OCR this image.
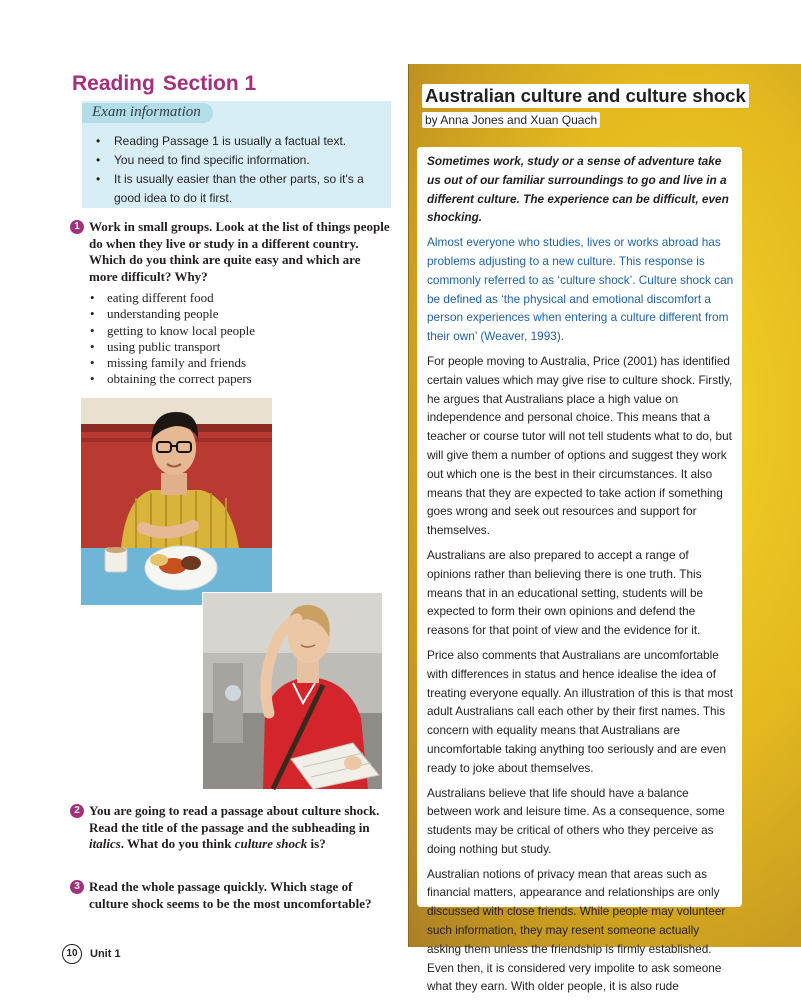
Reading Section 1
Exam information
• Reading Passage 1 is usually a factual text.
• You need to find specific information.
• It is usually easier than the other parts, so it's a good idea to do it first.
1 Work in small groups. Look at the list of things people do when they live or study in a different country. Which do you think are quite easy and which are more difficult? Why?
• eating different food
• understanding people
• getting to know local people
• using public transport
• missing family and friends
• obtaining the correct papers
2 You are going to read a passage about culture shock. Read the title of the passage and the subheading in italics. What do you think culture shock is?
3 Read the whole passage quickly. Which stage of culture shock seems to be the most uncomfortable?
10	Unit 1
Australian culture and culture shock
by Anna Jones and Xuan Quach

Sometimes work, study or a sense of adventure take us out of our familiar surroundings to go and live in a different culture. The experience can be difficult, even shocking.

Almost everyone who studies, lives or works abroad has problems adjusting to a new culture. This response is commonly referred to as ‘culture shock’. Culture shock can be defined as ‘the physical and emotional discomfort a person experiences when entering a culture different from their own’ (Weaver, 1993).

For people moving to Australia, Price (2001) has identified certain values which may give rise to culture shock. Firstly, he argues that Australians place a high value on independence and personal choice. This means that a teacher or course tutor will not tell students what to do, but will give them a number of options and suggest they work out which one is the best in their circumstances. It also means that they are expected to take action if something goes wrong and seek out resources and support for themselves.

Australians are also prepared to accept a range of opinions rather than believing there is one truth. This means that in an educational setting, students will be expected to form their own opinions and defend the reasons for that point of view and the evidence for it.

Price also comments that Australians are uncomfortable with differences in status and hence idealise the idea of treating everyone equally. An illustration of this is that most adult Australians call each other by their first names. This concern with equality means that Australians are uncomfortable taking anything too seriously and are even ready to joke about themselves.

Australians believe that life should have a balance between work and leisure time. As a consequence, some students may be critical of others who they perceive as doing nothing but study.

Australian notions of privacy mean that areas such as financial matters, appearance and relationships are only discussed with close friends. While people may volunteer such information, they may resent someone actually asking them unless the friendship is firmly established. Even then, it is considered very impolite to ask someone what they earn. With older people, it is also rude
